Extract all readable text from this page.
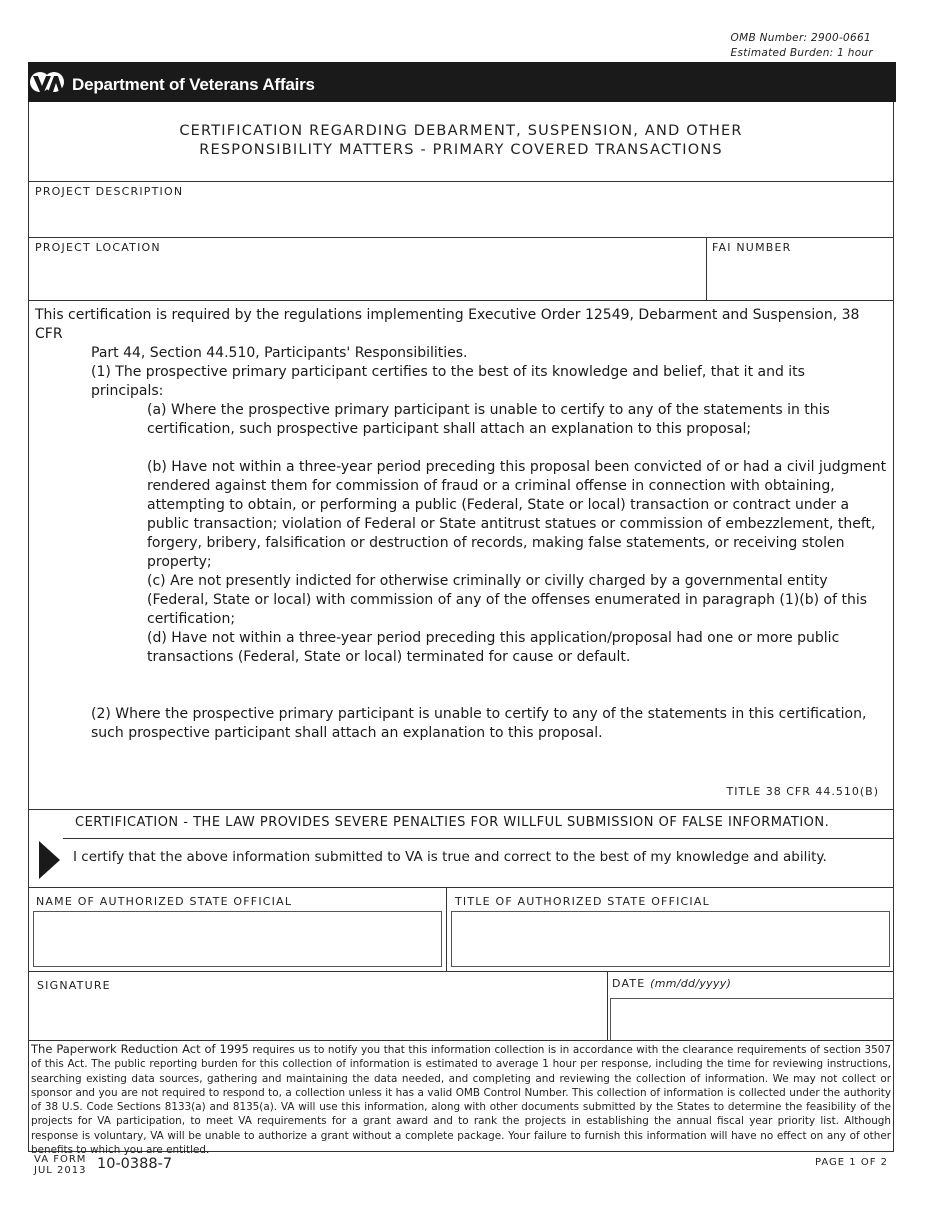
OMB Number: 2900-0661
Estimated Burden: 1 hour
Department of Veterans Affairs
CERTIFICATION REGARDING DEBARMENT, SUSPENSION, AND OTHER
RESPONSIBILITY MATTERS - PRIMARY COVERED TRANSACTIONS
PROJECT DESCRIPTION
PROJECT LOCATION	FAI NUMBER
This certification is required by the regulations implementing Executive Order 12549, Debarment and Suspension, 38 CFR
Part 44, Section 44.510, Participants' Responsibilities.
(1) The prospective primary participant certifies to the best of its knowledge and belief, that it and its principals:
(a) Where the prospective primary participant is unable to certify to any of the statements in this certification, such prospective participant shall attach an explanation to this proposal;
(b) Have not within a three-year period preceding this proposal been convicted of or had a civil judgment rendered against them for commission of fraud or a criminal offense in connection with obtaining, attempting to obtain, or performing a public (Federal, State or local) transaction or contract under a public transaction; violation of Federal or State antitrust statues or commission of embezzlement, theft, forgery, bribery, falsification or destruction of records, making false statements, or receiving stolen property;
(c) Are not presently indicted for otherwise criminally or civilly charged by a governmental entity (Federal, State or local) with commission of any of the offenses enumerated in paragraph (1)(b) of this certification;
(d) Have not within a three-year period preceding this application/proposal had one or more public transactions (Federal, State or local) terminated for cause or default.
(2) Where the prospective primary participant is unable to certify to any of the statements in this certification, such prospective participant shall attach an explanation to this proposal.
TITLE 38 CFR 44.510(B)
CERTIFICATION - THE LAW PROVIDES SEVERE PENALTIES FOR WILLFUL SUBMISSION OF FALSE INFORMATION.
I certify that the above information submitted to VA is true and correct to the best of my knowledge and ability.
NAME OF AUTHORIZED STATE OFFICIAL	TITLE OF AUTHORIZED STATE OFFICIAL
SIGNATURE	DATE (mm/dd/yyyy)
The Paperwork Reduction Act of 1995 requires us to notify you that this information collection is in accordance with the clearance requirements of section 3507 of this Act. The public reporting burden for this collection of information is estimated to average 1 hour per response, including the time for reviewing instructions, searching existing data sources, gathering and maintaining the data needed, and completing and reviewing the collection of information. We may not collect or sponsor and you are not required to respond to, a collection unless it has a valid OMB Control Number. This collection of information is collected under the authority of 38 U.S. Code Sections 8133(a) and 8135(a). VA will use this information, along with other documents submitted by the States to determine the feasibility of the projects for VA participation, to meet VA requirements for a grant award and to rank the projects in establishing the annual fiscal year priority list. Although response is voluntary, VA will be unable to authorize a grant without a complete package. Your failure to furnish this information will have no effect on any of other benefits to which you are entitled.
VA FORM
JUL 2013 10-0388-7	PAGE 1 OF 2
